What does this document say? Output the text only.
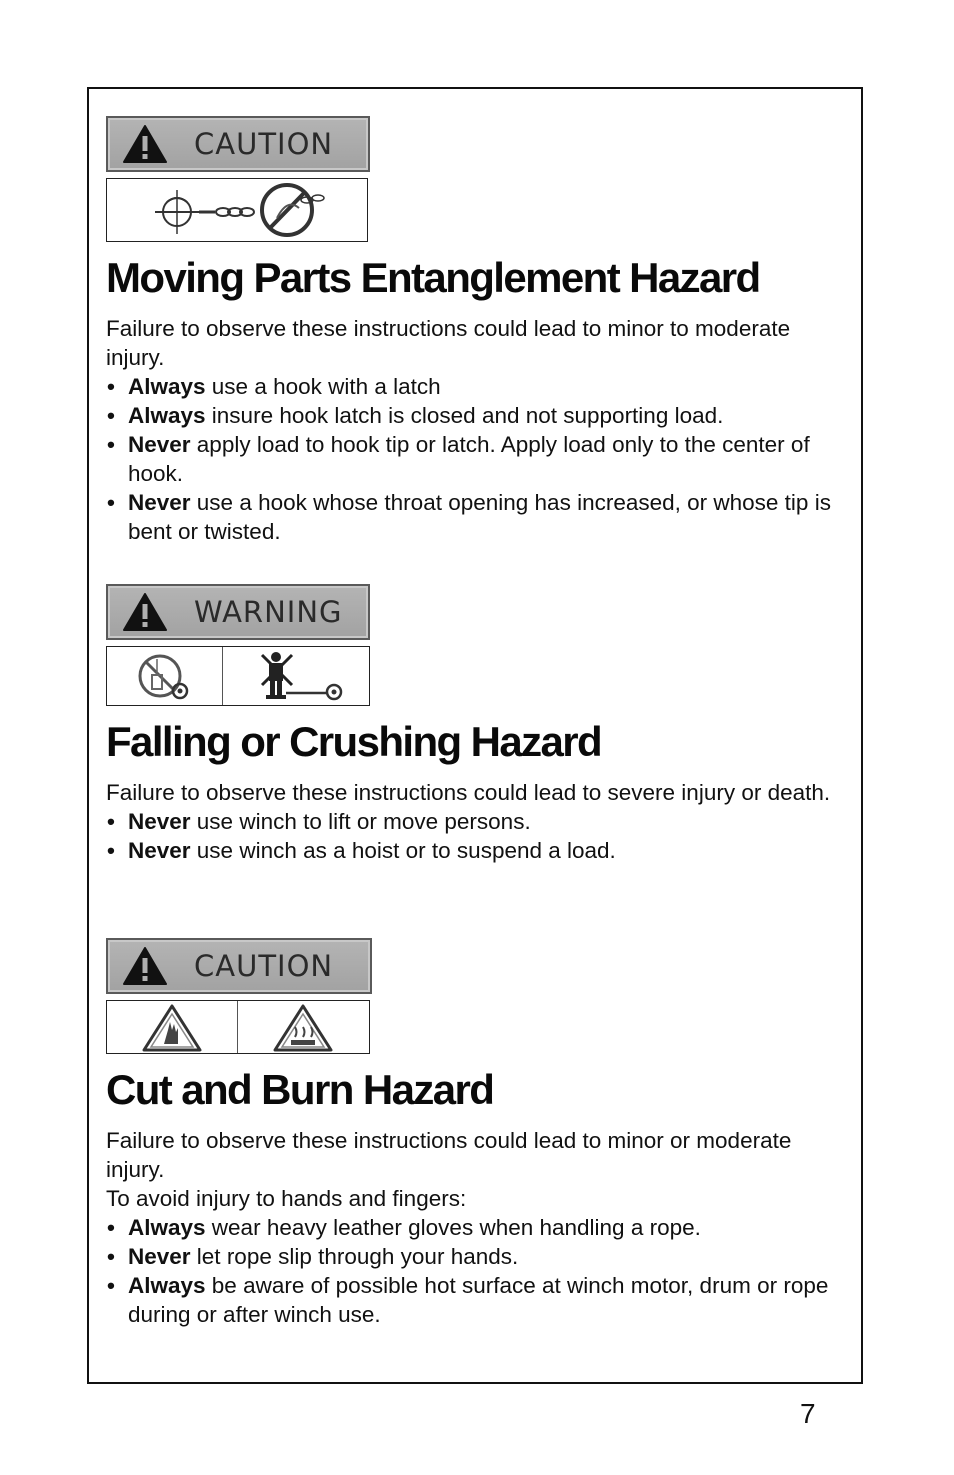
CAUTION
Moving Parts Entanglement Hazard

Failure to observe these instructions could lead to minor to moderate injury.

• Always use a hook with a latch
• Always insure hook latch is closed and not supporting load.
• Never apply load to hook tip or latch. Apply load only to the center of hook.
• Never use a hook whose throat opening has increased, or whose tip is bent or twisted.
WARNING
Falling or Crushing Hazard

Failure to observe these instructions could lead to severe injury or death.

• Never use winch to lift or move persons.
• Never use winch as a hoist or to suspend a load.
CAUTION
Cut and Burn Hazard

Failure to observe these instructions could lead to minor or moderate injury.

To avoid injury to hands and fingers:

• Always wear heavy leather gloves when handling a rope.
• Never let rope slip through your hands.
• Always be aware of possible hot surface at winch motor, drum or rope during or after winch use.
7
